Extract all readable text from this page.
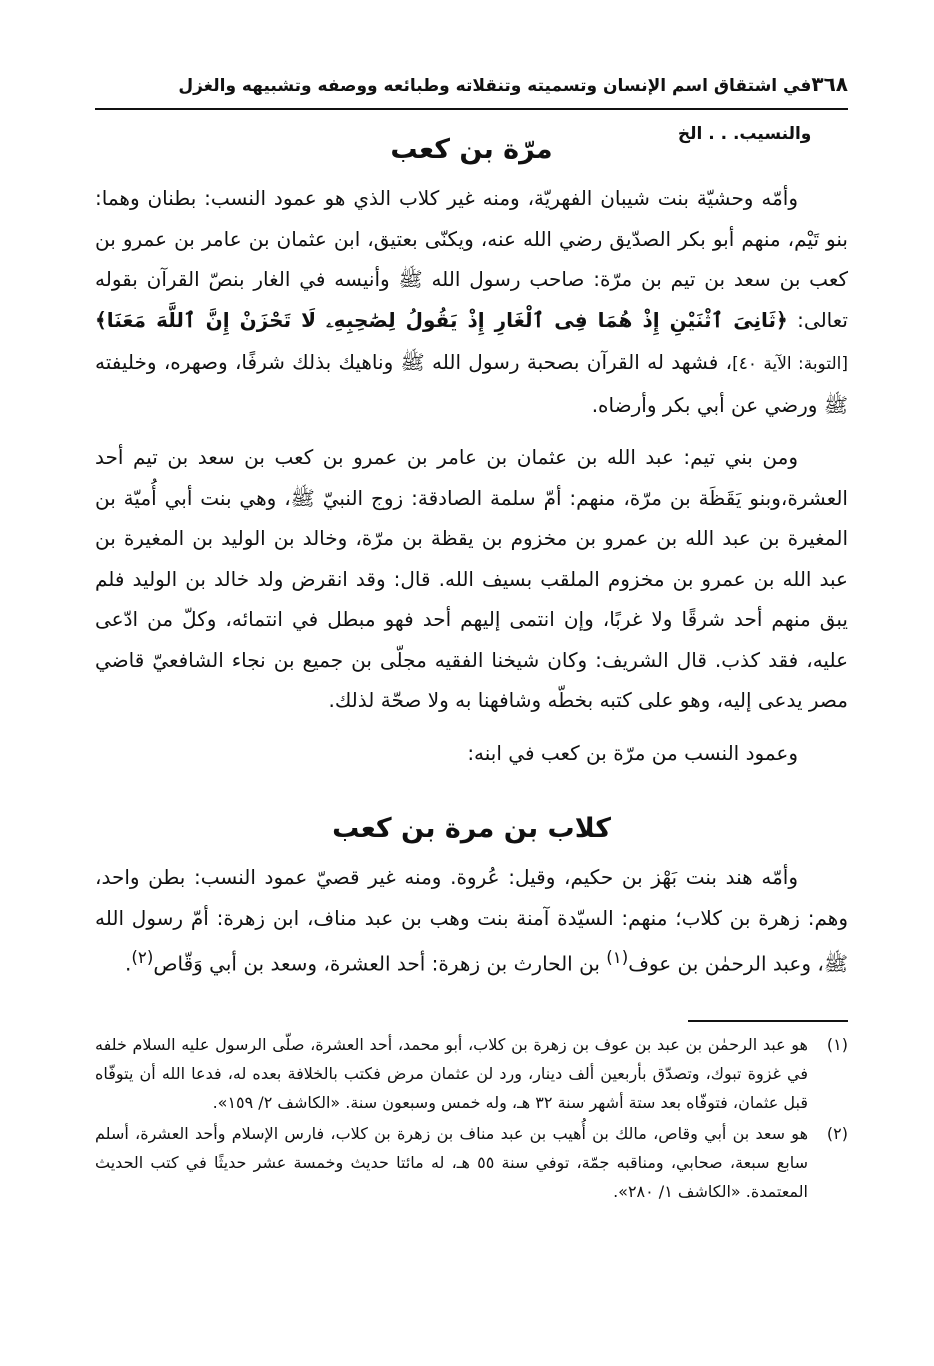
٣٦٨
في اشتقاق اسم الإنسان وتسميته وتنقلاته وطبائعه ووصفه وتشبيهه والغزل والنسيب. . . الخ
مرّة بن كعب

وأمّه وحشيّة بنت شيبان الفهريّة، ومنه غير كلاب الذي هو عمود النسب: بطنان وهما: بنو تَيْم، منهم أبو بكر الصدّيق رضي الله عنه، ويكنّى بعتيق، ابن عثمان بن عامر بن عمرو بن كعب بن سعد بن تيم بن مرّة: صاحب رسول الله ﷺ وأنيسه في الغار بنصّ القرآن بقوله تعالى: ﴿ثَانِىَ ٱثْنَيْنِ إِذْ هُمَا فِى ٱلْغَارِ إِذْ يَقُولُ لِصَٰحِبِهِۦ لَا تَحْزَنْ إِنَّ ٱللَّهَ مَعَنَا﴾ [التوبة: الآية ٤٠]، فشهد له القرآن بصحبة رسول الله ﷺ وناهيك بذلك شرفًا، وصهره، وخليفته ﷺ ورضي عن أبي بكر وأرضاه.

ومن بني تيم: عبد الله بن عثمان بن عامر بن عمرو بن كعب بن سعد بن تيم أحد العشرة،وبنو يَقَظَة بن مرّة، منهم: أمّ سلمة الصادقة: زوج النبيّ ﷺ، وهي بنت أبي أُميّة بن المغيرة بن عبد الله بن عمرو بن مخزوم بن يقظة بن مرّة، وخالد بن الوليد بن المغيرة بن عبد الله بن عمرو بن مخزوم الملقب بسيف الله. قال: وقد انقرض ولد خالد بن الوليد فلم يبق منهم أحد شرقًا ولا غربًا، وإن انتمى إليهم أحد فهو مبطل في انتمائه، وكلّ من ادّعى عليه، فقد كذب. قال الشريف: وكان شيخنا الفقيه مجلّى بن جميع بن نجاء الشافعيّ قاضي مصر يدعى إليه، وهو على كتبه بخطّه وشافهنا به ولا صحّة لذلك.

وعمود النسب من مرّة بن كعب في ابنه:

كلاب بن مرة بن كعب

وأمّه هند بنت بَهْز بن حكيم، وقيل: عُروة. ومنه غير قصيّ عمود النسب: بطن واحد، وهم: زهرة بن كلاب؛ منهم: السيّدة آمنة بنت وهب بن عبد مناف، ابن زهرة: أمّ رسول الله ﷺ، وعبد الرحمٰن بن عوف$^{(١)}$ بن الحارث بن زهرة: أحد العشرة، وسعد بن أبي وَقّاص$^{(٢)}$.

(١)
هو عبد الرحمٰن بن عبد بن عوف بن زهرة بن كلاب، أبو محمد، أحد العشرة، صلّى الرسول عليه السلام خلفه في غزوة تبوك، وتصدّق بأربعين ألف دينار، ورد لن عثمان مرض فكتب بالخلافة بعده له، فدعا الله أن يتوفّاه قبل عثمان، فتوفّاه بعد ستة أشهر سنة ٣٢ هـ، وله خمس وسبعون سنة. «الكاشف ٢/ ١٥٩».
(٢)
هو سعد بن أبي وقاص، مالك بن أُهيب بن عبد مناف بن زهرة بن كلاب، فارس الإسلام وأحد العشرة، أسلم سابع سبعة، صحابي، ومناقبه جمّة، توفي سنة ٥٥ هـ، له مائتا حديث وخمسة عشر حديثًا في كتب الحديث المعتمدة. «الكاشف ١/ ٢٨٠».
